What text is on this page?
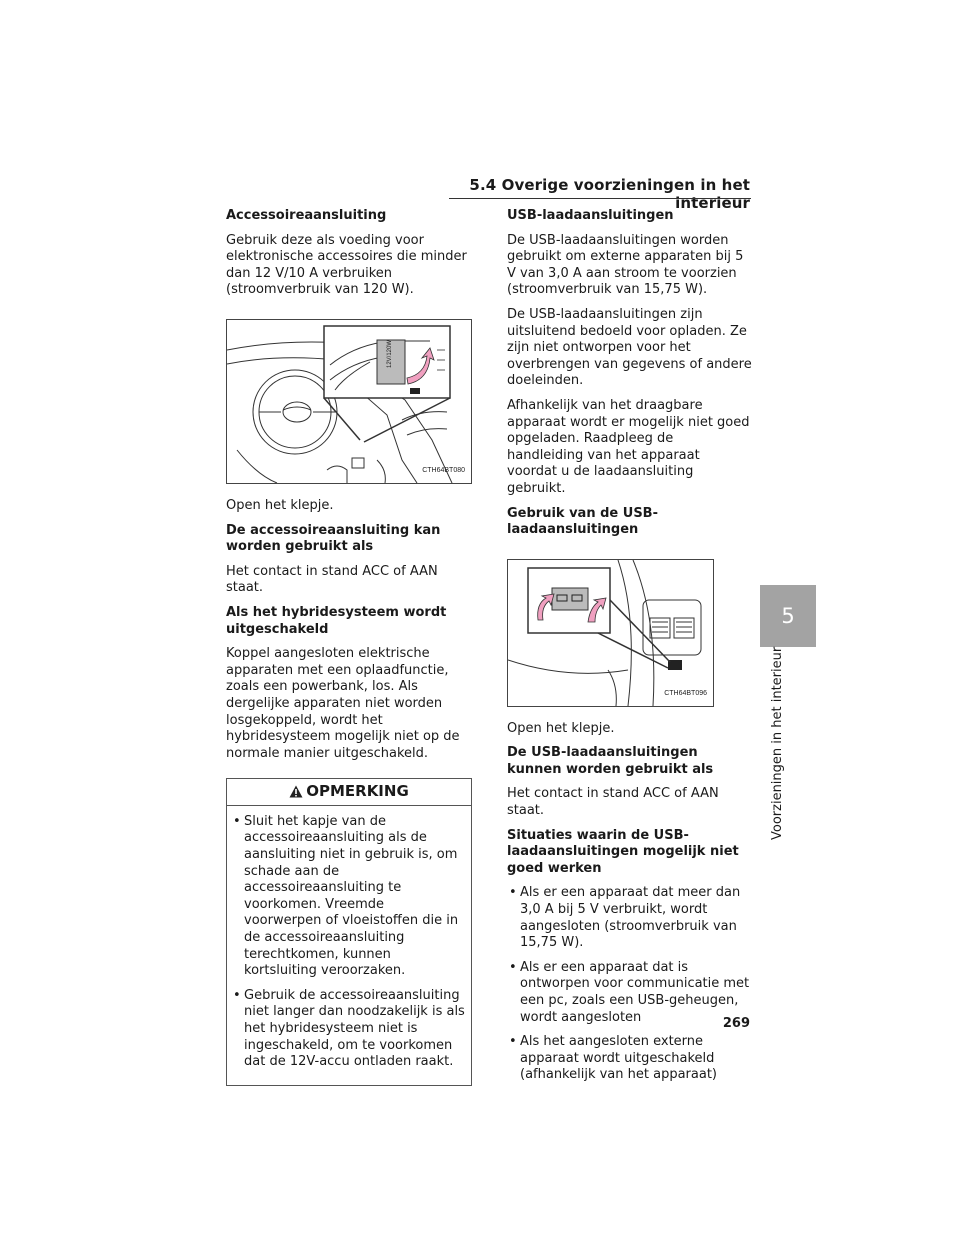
5.4 Overige voorzieningen in het interieur
Accessoireaansluiting

Gebruik deze als voeding voor elektronische accessoires die minder dan 12 V/10 A verbruiken (stroomverbruik van 120 W).

12V/120W
CTH64BT080

Open het klepje.

De accessoireaansluiting kan worden gebruikt als

Het contact in stand ACC of AAN staat.

Als het hybridesysteem wordt uitgeschakeld

Koppel aangesloten elektrische apparaten met een oplaadfunctie, zoals een powerbank, los. Als dergelijke apparaten niet worden losgekoppeld, wordt het hybridesysteem mogelijk niet op de normale manier uitgeschakeld.

OPMERKING
• Sluit het kapje van de accessoireaansluiting als de aansluiting niet in gebruik is, om schade aan de accessoireaansluiting te voorkomen. Vreemde voorwerpen of vloeistoffen die in de accessoireaansluiting terechtkomen, kunnen kortsluiting veroorzaken.
• Gebruik de accessoireaansluiting niet langer dan noodzakelijk is als het hybridesysteem niet is ingeschakeld, om te voorkomen dat de 12V-accu ontladen raakt.
USB-laadaansluitingen

De USB-laadaansluitingen worden gebruikt om externe apparaten bij 5 V van 3,0 A aan stroom te voorzien (stroomverbruik van 15,75 W).

De USB-laadaansluitingen zijn uitsluitend bedoeld voor opladen. Ze zijn niet ontworpen voor het overbrengen van gegevens of andere doeleinden.

Afhankelijk van het draagbare apparaat wordt er mogelijk niet goed opgeladen. Raadpleeg de handleiding van het apparaat voordat u de laadaansluiting gebruikt.

Gebruik van de USB-laadaansluitingen
CTH64BT096

Open het klepje.

De USB-laadaansluitingen kunnen worden gebruikt als

Het contact in stand ACC of AAN staat.

Situaties waarin de USB-laadaansluitingen mogelijk niet goed werken
• Als er een apparaat dat meer dan 3,0 A bij 5 V verbruikt, wordt aangesloten (stroomverbruik van 15,75 W).
• Als er een apparaat dat is ontworpen voor communicatie met een pc, zoals een USB-geheugen, wordt aangesloten
• Als het aangesloten externe apparaat wordt uitgeschakeld (afhankelijk van het apparaat)
5
Voorzieningen in het interieur
269
